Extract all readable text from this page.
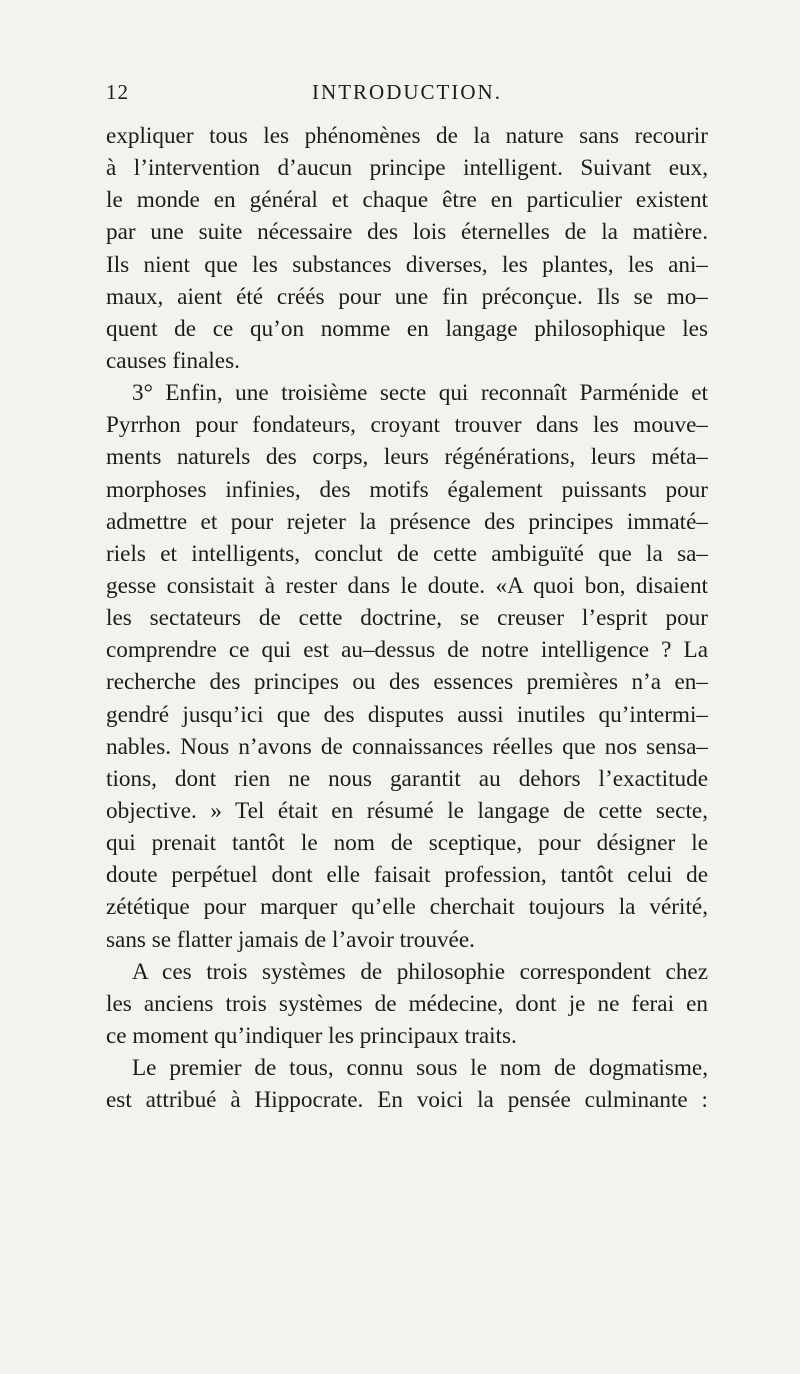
12	INTRODUCTION.
expliquer tous les phénomènes de la nature sans recourir
à l’intervention d’aucun principe intelligent. Suivant eux,
le monde en général et chaque être en particulier existent
par une suite nécessaire des lois éternelles de la matière.
Ils nient que les substances diverses, les plantes, les ani–
maux, aient été créés pour une fin préconçue. Ils se mo–
quent de ce qu’on nomme en langage philosophique les
causes finales.
3° Enfin, une troisième secte qui reconnaît Parménide et
Pyrrhon pour fondateurs, croyant trouver dans les mouve–
ments naturels des corps, leurs régénérations, leurs méta–
morphoses infinies, des motifs également puissants pour
admettre et pour rejeter la présence des principes immaté–
riels et intelligents, conclut de cette ambiguïté que la sa–
gesse consistait à rester dans le doute. «A quoi bon, disaient
les sectateurs de cette doctrine, se creuser l’esprit pour
comprendre ce qui est au–dessus de notre intelligence ? La
recherche des principes ou des essences premières n’a en–
gendré jusqu’ici que des disputes aussi inutiles qu’intermi–
nables. Nous n’avons de connaissances réelles que nos sensa–
tions, dont rien ne nous garantit au dehors l’exactitude
objective. » Tel était en résumé le langage de cette secte,
qui prenait tantôt le nom de sceptique, pour désigner le
doute perpétuel dont elle faisait profession, tantôt celui de
zététique pour marquer qu’elle cherchait toujours la vérité,
sans se flatter jamais de l’avoir trouvée.
A ces trois systèmes de philosophie correspondent chez
les anciens trois systèmes de médecine, dont je ne ferai en
ce moment qu’indiquer les principaux traits.
Le premier de tous, connu sous le nom de dogmatisme,
est attribué à Hippocrate. En voici la pensée culminante :
